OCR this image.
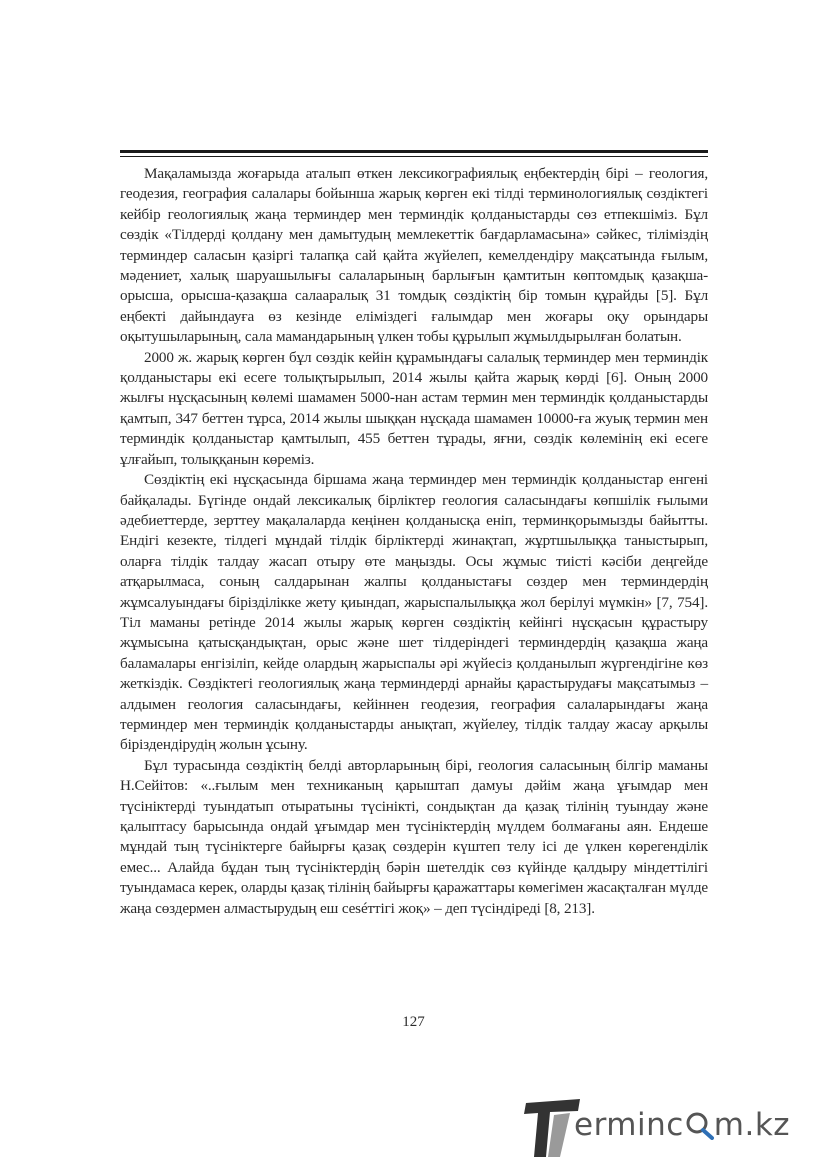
Мақаламызда жоғарыда аталып өткен лексикографиялық еңбектердің бірі – геология, геодезия, география салалары бойынша жарық көрген екі тілді терминологиялық сөздіктегі кейбір геологиялық жаңа терминдер мен терминдік қолданыстарды сөз етпекшіміз. Бұл сөздік «Тілдерді қолдану мен дамытудың мемлекеттік бағдарламасына» сәйкес, тіліміздің терминдер саласын қазіргі талапқа сай қайта жүйелеп, кемелдендіру мақсатында ғылым, мәдениет, халық шаруашылығы салаларының барлығын қамтитын көптомдық қазақша-орысша, орысша-қазақша салааралық 31 томдық сөздіктің бір томын құрайды [5]. Бұл еңбекті дайындауға өз кезінде еліміздегі ғалымдар мен жоғары оқу орындары оқытушыларының, сала мамандарының үлкен тобы құрылып жұмылдырылған болатын.

2000 ж. жарық көрген бұл сөздік кейін құрамындағы салалық терминдер мен терминдік қолданыстары екі есеге толықтырылып, 2014 жылы қайта жарық көрді [6]. Оның 2000 жылғы нұсқасының көлемі шамамен 5000-нан астам термин мен терминдік қолданыстарды қамтып, 347 беттен тұрса, 2014 жылы шыққан нұсқада шамамен 10000-ға жуық термин мен терминдік қолданыстар қамтылып, 455 беттен тұрады, яғни, сөздік көлемінің екі есеге ұлғайып, толыққанын көреміз.

Сөздіктің екі нұсқасында біршама жаңа терминдер мен терминдік қолданыстар енгені байқалады. Бүгінде ондай лексикалық бірліктер геология саласындағы көпшілік ғылыми әдебиеттерде, зерттеу мақалаларда кеңінен қолданысқа еніп, терминқорымызды байытты. Ендігі кезекте, тілдегі мұндай тілдік бірліктерді жинақтап, жұртшылыққа таныстырып, оларға тілдік талдау жасап отыру өте маңызды. Осы жұмыс тиісті кәсіби деңгейде атқарылмаса, соның салдарынан жалпы қолданыстағы сөздер мен терминдердің жұмсалуындағы біріздiлiкке жету қиындап, жарыспалылыққа жол берілуі мүмкін» [7, 754]. Тіл маманы ретінде 2014 жылы жарық көрген сөздіктің кейінгі нұсқасын құрастыру жұмысына қатысқандықтан, орыс және шет тілдеріндегі терминдердің қазақша жаңа баламалары енгізіліп, кейде олардың жарыспалы әрі жүйесіз қолданылып жүргендігіне көз жеткіздік. Сөздіктегі геологиялық жаңа терминдерді арнайы қарастырудағы мақсатымыз – алдымен геология саласындағы, кейіннен геодезия, география салаларындағы жаңа терминдер мен терминдік қолданыстарды анықтап, жүйелеу, тілдік талдау жасау арқылы біріздендірудің жолын ұсыну.

Бұл турасында сөздіктің белді авторларының бірі, геология саласының білгір маманы Н.Сейітов: «..ғылым мен техниканың қарыштап дамуы дәйім жаңа ұғымдар мен түсініктерді туындатып отыратыны түсінікті, сондықтан да қазақ тілінің туындау және қалыптасу барысында ондай ұғымдар мен түсініктердің мүлдем болмағаны аян. Ендеше мұндай тың түсініктерге байырғы қазақ сөздерін күштеп телу ісі де үлкен көрегенділік емес... Алайда бұдан тың түсініктердің бәрін шетелдік сөз күйінде қалдыру міндеттілігі туындамаса керек, оларды қазақ тілінің байырғы қаражаттары көмегімен жасақталған мүлде жаңа сөздермен алмастырудың еш сеséттігі жоқ» – деп түсіндіреді [8, 213].

127
erminc m.kz
